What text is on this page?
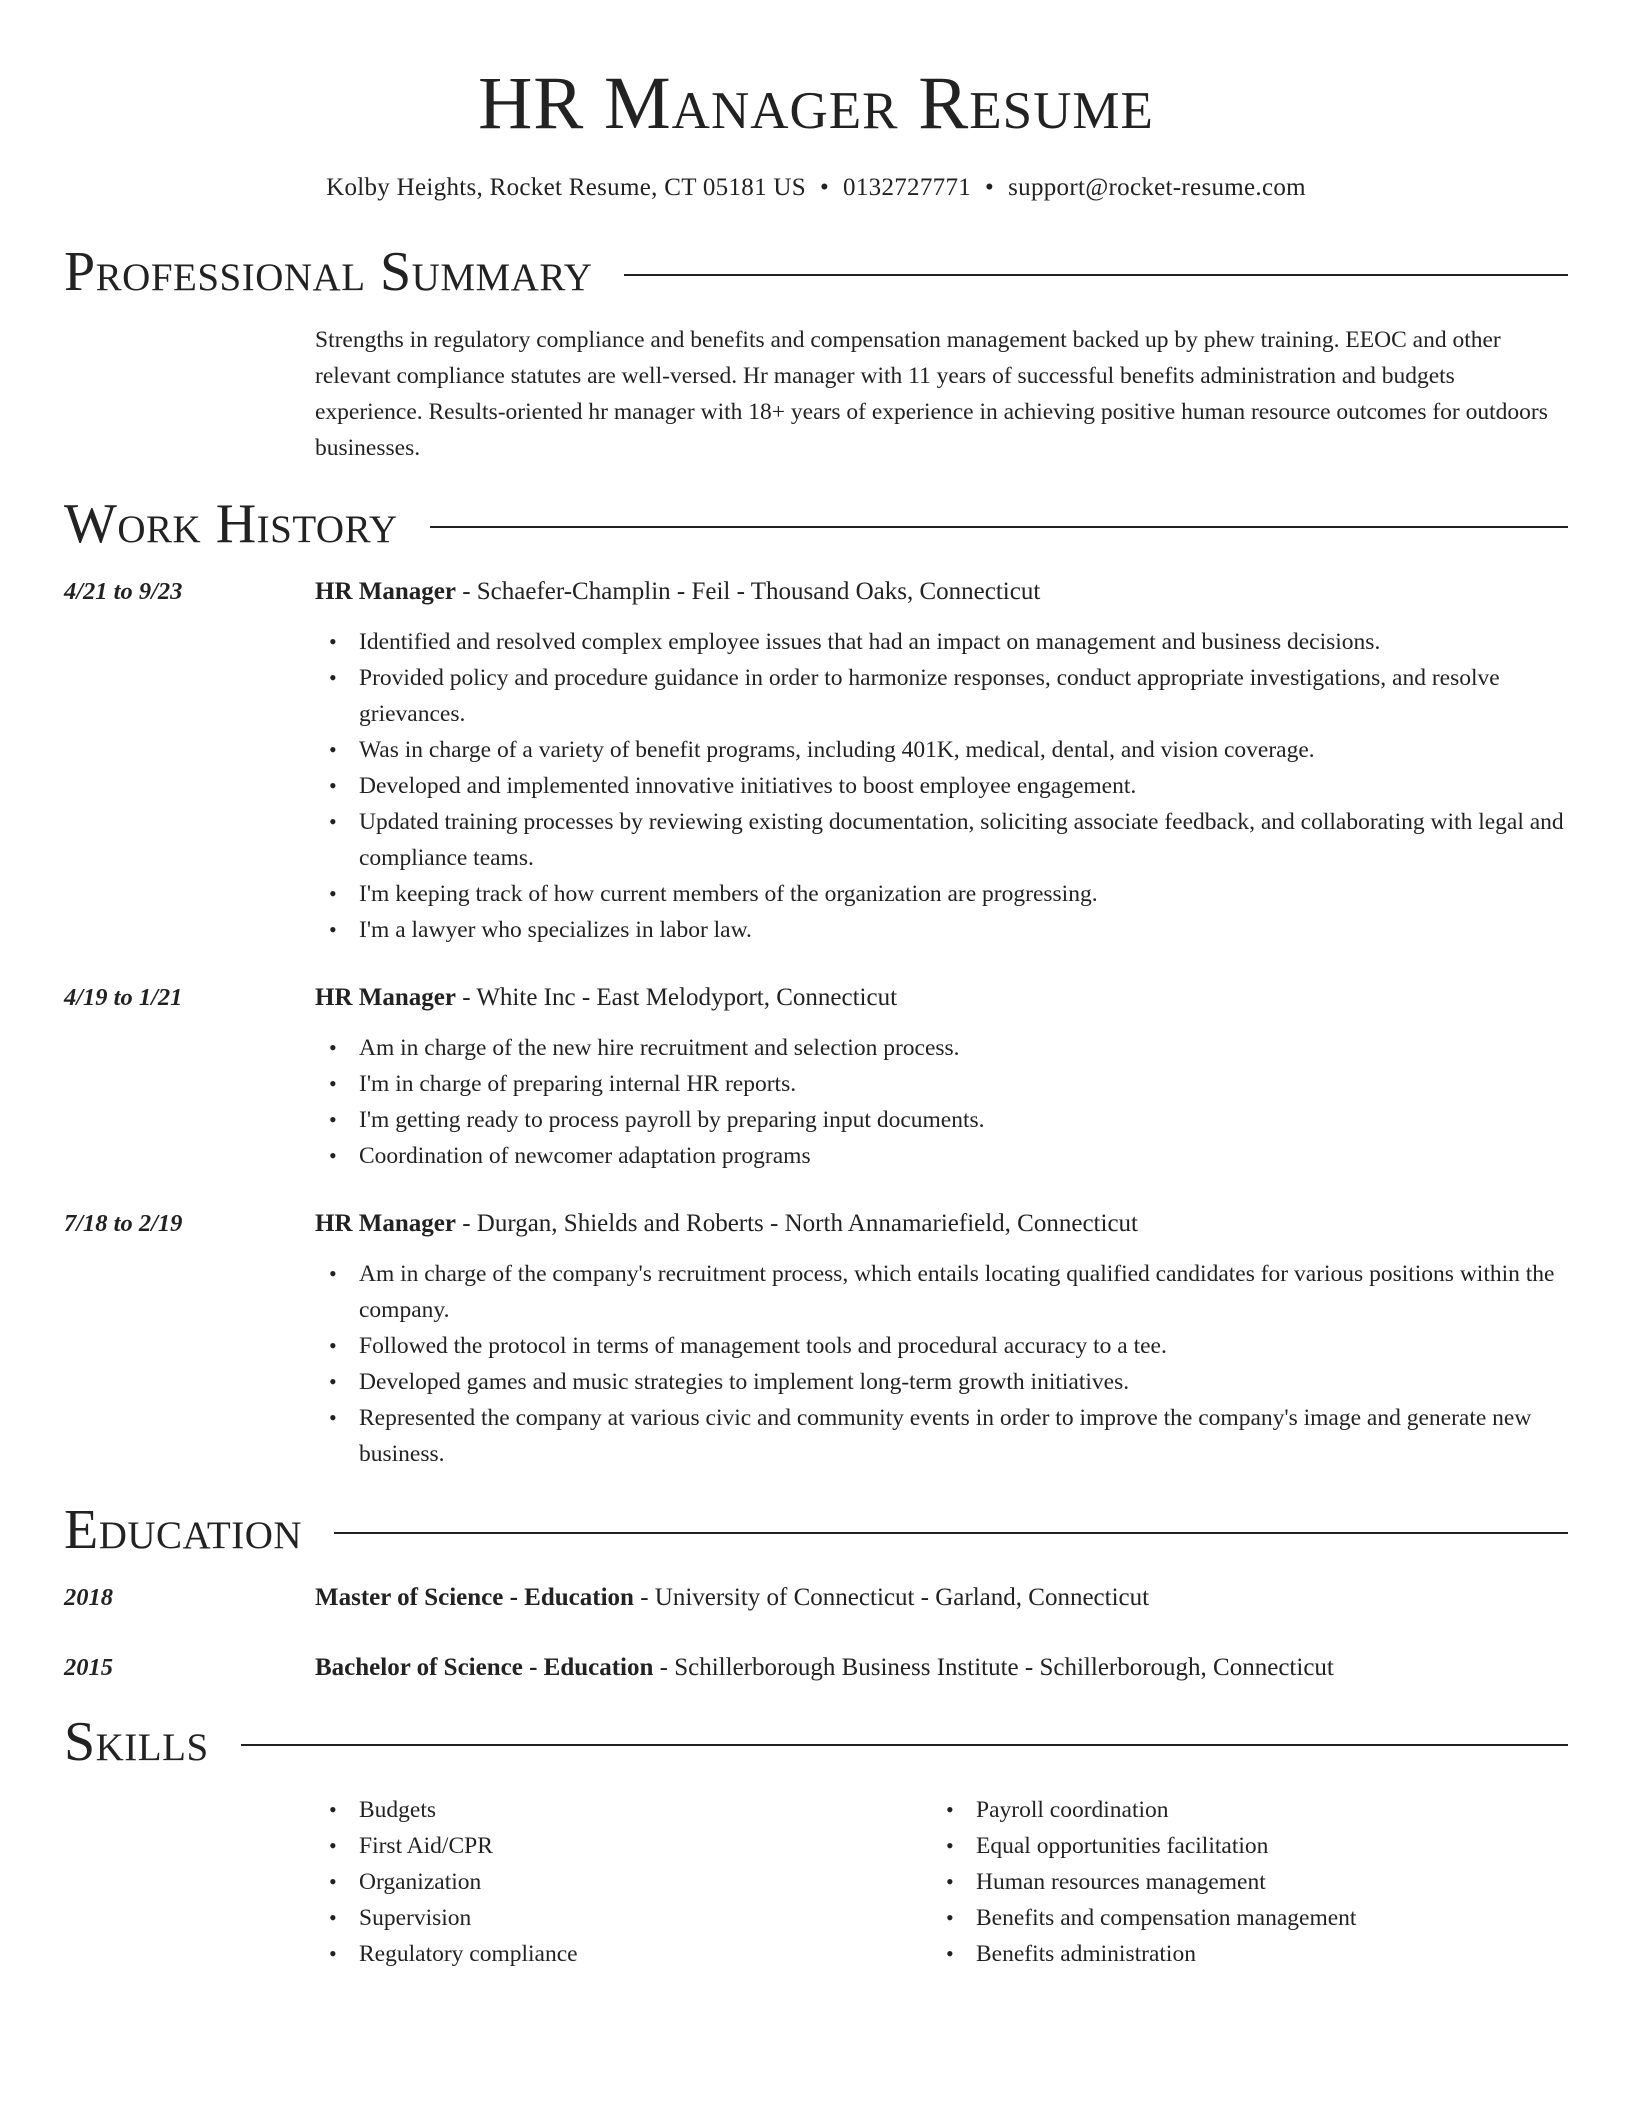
HR Manager Resume
Kolby Heights, Rocket Resume, CT 05181 US • 0132727771 • support@rocket-resume.com
Professional Summary

Strengths in regulatory compliance and benefits and compensation management backed up by phew training. EEOC and other relevant compliance statutes are well-versed. Hr manager with 11 years of successful benefits administration and budgets experience. Results-oriented hr manager with 18+ years of experience in achieving positive human resource outcomes for outdoors businesses.

Work History
4/21 to 9/23	HR Manager - Schaefer-Champlin - Feil - Thousand Oaks, Connecticut
• Identified and resolved complex employee issues that had an impact on management and business decisions.
• Provided policy and procedure guidance in order to harmonize responses, conduct appropriate investigations, and resolve grievances.
• Was in charge of a variety of benefit programs, including 401K, medical, dental, and vision coverage.
• Developed and implemented innovative initiatives to boost employee engagement.
• Updated training processes by reviewing existing documentation, soliciting associate feedback, and collaborating with legal and compliance teams.
• I'm keeping track of how current members of the organization are progressing.
• I'm a lawyer who specializes in labor law.
4/19 to 1/21	HR Manager - White Inc - East Melodyport, Connecticut
• Am in charge of the new hire recruitment and selection process.
• I'm in charge of preparing internal HR reports.
• I'm getting ready to process payroll by preparing input documents.
• Coordination of newcomer adaptation programs
7/18 to 2/19	HR Manager - Durgan, Shields and Roberts - North Annamariefield, Connecticut
• Am in charge of the company's recruitment process, which entails locating qualified candidates for various positions within the company.
• Followed the protocol in terms of management tools and procedural accuracy to a tee.
• Developed games and music strategies to implement long-term growth initiatives.
• Represented the company at various civic and community events in order to improve the company's image and generate new business.
Education
2018	Master of Science - Education - University of Connecticut - Garland, Connecticut
2015	Bachelor of Science - Education - Schillerborough Business Institute - Schillerborough, Connecticut
Skills
• Budgets
• First Aid/CPR
• Organization
• Supervision
• Regulatory compliance
• Payroll coordination
• Equal opportunities facilitation
• Human resources management
• Benefits and compensation management
• Benefits administration
